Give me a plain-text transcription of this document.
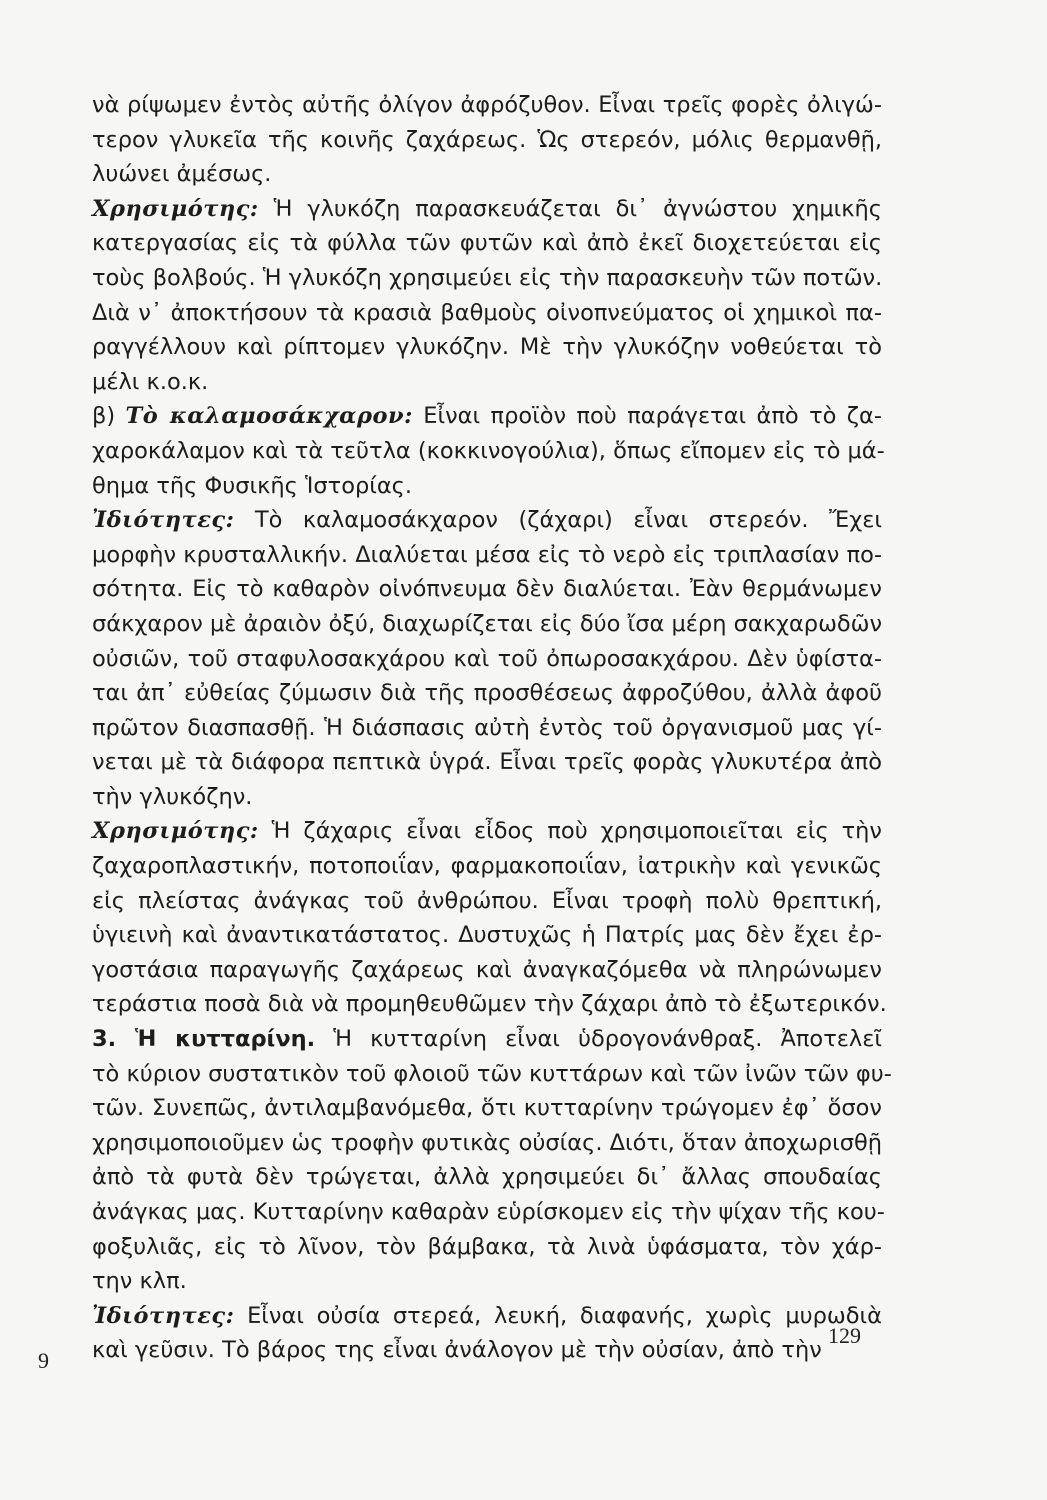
νὰ ρίψωμεν ἐντὸς αὐτῆς ὀλίγον ἀφρόζυθον. Εἶναι τρεῖς φορὲς ὀλιγώ-
τερον γλυκεῖα τῆς κοινῆς ζαχάρεως. Ὡς στερεόν, μόλις θερμανθῇ,
λυώνει ἀμέσως.
Χρησιμότης: Ἡ γλυκόζη παρασκευάζεται δι᾽ ἀγνώστου χημικῆς
κατεργασίας εἰς τὰ φύλλα τῶν φυτῶν καὶ ἀπὸ ἐκεῖ διοχετεύεται εἰς
τοὺς βολβούς. Ἡ γλυκόζη χρησιμεύει εἰς τὴν παρασκευὴν τῶν ποτῶν.
Διὰ ν᾽ ἀποκτήσουν τὰ κρασιὰ βαθμοὺς οἰνοπνεύματος οἱ χημικοὶ πα-
ραγγέλλουν καὶ ρίπτομεν γλυκόζην. Μὲ τὴν γλυκόζην νοθεύεται τὸ
μέλι κ.ο.κ.
β) Τὸ καλαμοσάκχαρον: Εἶναι προϊὸν ποὺ παράγεται ἀπὸ τὸ ζα-
χαροκάλαμον καὶ τὰ τεῦτλα (κοκκινογούλια), ὅπως εἴπομεν εἰς τὸ μά-
θημα τῆς Φυσικῆς Ἱστορίας.
Ἰδιότητες: Τὸ καλαμοσάκχαρον (ζάχαρι) εἶναι στερεόν. Ἔχει
μορφὴν κρυσταλλικήν. Διαλύεται μέσα εἰς τὸ νερὸ εἰς τριπλασίαν πο-
σότητα. Εἰς τὸ καθαρὸν οἰνόπνευμα δὲν διαλύεται. Ἐὰν θερμάνωμεν
σάκχαρον μὲ ἀραιὸν ὀξύ, διαχωρίζεται εἰς δύο ἴσα μέρη σακχαρωδῶν
οὐσιῶν, τοῦ σταφυλοσακχάρου καὶ τοῦ ὀπωροσακχάρου. Δὲν ὑφίστα-
ται ἀπ᾽ εὐθείας ζύμωσιν διὰ τῆς προσθέσεως ἀφροζύθου, ἀλλὰ ἀφοῦ
πρῶτον διασπασθῇ. Ἡ διάσπασις αὐτὴ ἐντὸς τοῦ ὀργανισμοῦ μας γί-
νεται μὲ τὰ διάφορα πεπτικὰ ὑγρά. Εἶναι τρεῖς φορὰς γλυκυτέρα ἀπὸ
τὴν γλυκόζην.
Χρησιμότης: Ἡ ζάχαρις εἶναι εἶδος ποὺ χρησιμοποιεῖται εἰς τὴν
ζαχαροπλαστικήν, ποτοποιΐαν, φαρμακοποιΐαν, ἰατρικὴν καὶ γενικῶς
εἰς πλείστας ἀνάγκας τοῦ ἀνθρώπου. Εἶναι τροφὴ πολὺ θρεπτική,
ὑγιεινὴ καὶ ἀναντικατάστατος. Δυστυχῶς ἡ Πατρίς μας δὲν ἔχει ἐρ-
γοστάσια παραγωγῆς ζαχάρεως καὶ ἀναγκαζόμεθα νὰ πληρώνωμεν
τεράστια ποσὰ διὰ νὰ προμηθευθῶμεν τὴν ζάχαρι ἀπὸ τὸ ἐξωτερικόν.
3. Ἡ κυτταρίνη. Ἡ κυτταρίνη εἶναι ὑδρογονάνθραξ. Ἀποτελεῖ
τὸ κύριον συστατικὸν τοῦ φλοιοῦ τῶν κυττάρων καὶ τῶν ἰνῶν τῶν φυ-
τῶν. Συνεπῶς, ἀντιλαμβανόμεθα, ὅτι κυτταρίνην τρώγομεν ἐφ᾽ ὅσον
χρησιμοποιοῦμεν ὡς τροφὴν φυτικὰς οὐσίας. Διότι, ὅταν ἀποχωρισθῇ
ἀπὸ τὰ φυτὰ δὲν τρώγεται, ἀλλὰ χρησιμεύει δι᾽ ἄλλας σπουδαίας
ἀνάγκας μας. Κυτταρίνην καθαρὰν εὑρίσκομεν εἰς τὴν ψίχαν τῆς κου-
φοξυλιᾶς, εἰς τὸ λῖνον, τὸν βάμβακα, τὰ λινὰ ὑφάσματα, τὸν χάρ-
την κλπ.
Ἰδιότητες: Εἶναι οὐσία στερεά, λευκή, διαφανής, χωρὶς μυρωδιὰ
καὶ γεῦσιν. Τὸ βάρος της εἶναι ἀνάλογον μὲ τὴν οὐσίαν, ἀπὸ τὴν
129
9
